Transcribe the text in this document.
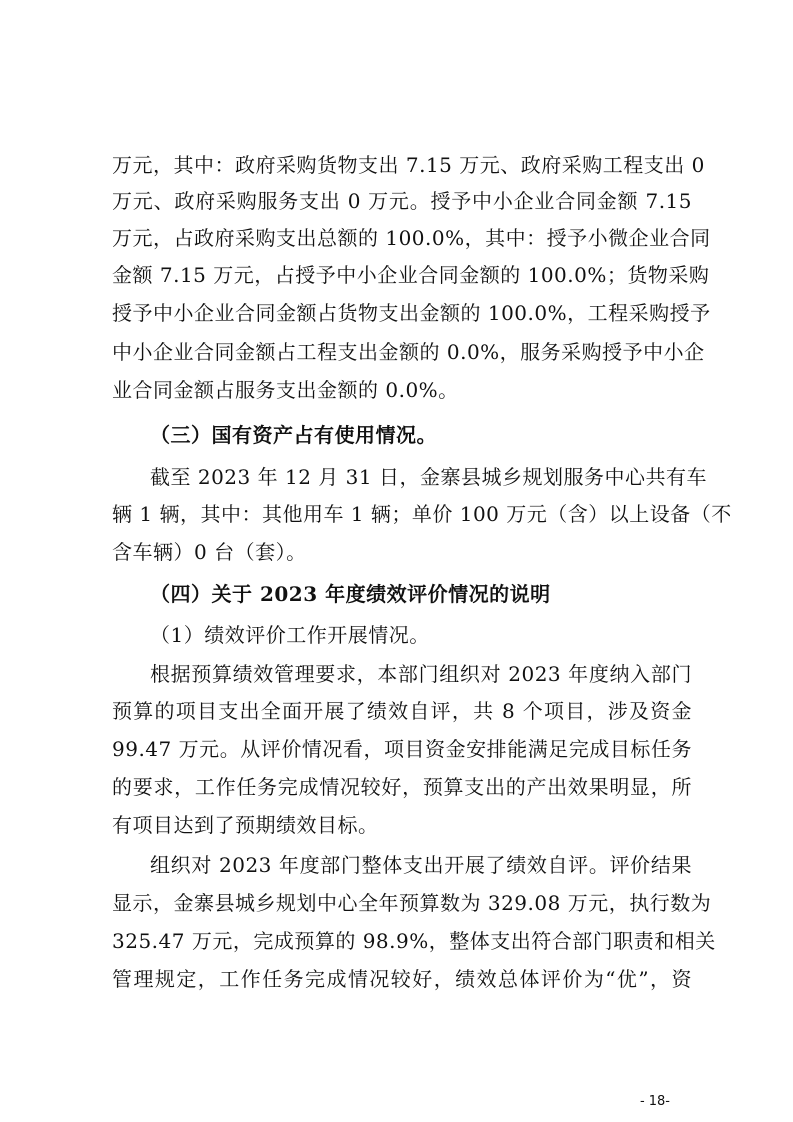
万元，其中：政府采购货物支出 7.15 万元、政府采购工程支出 0
万元、政府采购服务支出 0 万元。授予中小企业合同金额 7.15
万元，占政府采购支出总额的 100.0%，其中：授予小微企业合同
金额 7.15 万元，占授予中小企业合同金额的 100.0%；货物采购
授予中小企业合同金额占货物支出金额的 100.0%，工程采购授予
中小企业合同金额占工程支出金额的 0.0%，服务采购授予中小企
业合同金额占服务支出金额的 0.0%。
（三）国有资产占有使用情况。
截至 2023 年 12 月 31 日，金寨县城乡规划服务中心共有车
辆 1 辆，其中：其他用车 1 辆；单价 100 万元（含）以上设备（不
含车辆）0 台（套）。
（四）关于 2023 年度绩效评价情况的说明
（1）绩效评价工作开展情况。
根据预算绩效管理要求，本部门组织对 2023 年度纳入部门
预算的项目支出全面开展了绩效自评，共 8 个项目，涉及资金
99.47 万元。从评价情况看，项目资金安排能满足完成目标任务
的要求，工作任务完成情况较好，预算支出的产出效果明显，所
有项目达到了预期绩效目标。
组织对 2023 年度部门整体支出开展了绩效自评。评价结果
显示，金寨县城乡规划中心全年预算数为 329.08 万元，执行数为
325.47 万元，完成预算的 98.9%，整体支出符合部门职责和相关
管理规定，工作任务完成情况较好，绩效总体评价为“优”，资
- 18-
